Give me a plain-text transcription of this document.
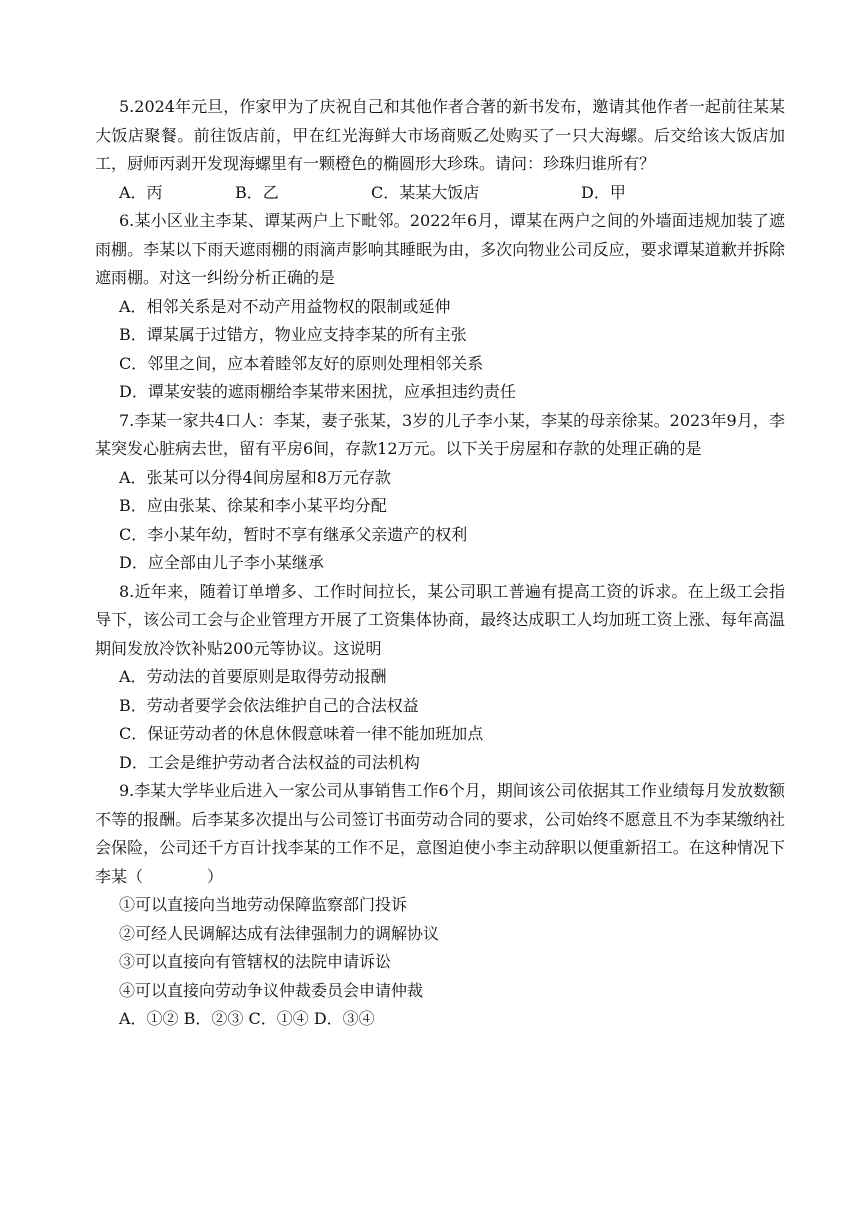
5.2024年元旦，作家甲为了庆祝自己和其他作者合著的新书发布，邀请其他作者一起前往某某大饭店聚餐。前往饭店前，甲在红光海鲜大市场商贩乙处购买了一只大海螺。后交给该大饭店加工，厨师丙剥开发现海螺里有一颗橙色的椭圆形大珍珠。请问：珍珠归谁所有？

A．丙	B．乙	C．某某大饭店	D．甲

6.某小区业主李某、谭某两户上下毗邻。2022年6月，谭某在两户之间的外墙面违规加装了遮雨棚。李某以下雨天遮雨棚的雨滴声影响其睡眠为由，多次向物业公司反应，要求谭某道歉并拆除遮雨棚。对这一纠纷分析正确的是

A．相邻关系是对不动产用益物权的限制或延伸

B．谭某属于过错方，物业应支持李某的所有主张

C．邻里之间，应本着睦邻友好的原则处理相邻关系

D．谭某安装的遮雨棚给李某带来困扰，应承担违约责任

7.李某一家共4口人：李某，妻子张某，3岁的儿子李小某，李某的母亲徐某。2023年9月，李某突发心脏病去世，留有平房6间，存款12万元。以下关于房屋和存款的处理正确的是

A．张某可以分得4间房屋和8万元存款

B．应由张某、徐某和李小某平均分配

C．李小某年幼，暂时不享有继承父亲遗产的权利

D．应全部由儿子李小某继承

8.近年来，随着订单增多、工作时间拉长，某公司职工普遍有提高工资的诉求。在上级工会指导下，该公司工会与企业管理方开展了工资集体协商，最终达成职工人均加班工资上涨、每年高温期间发放冷饮补贴200元等协议。这说明

A．劳动法的首要原则是取得劳动报酬

B．劳动者要学会依法维护自己的合法权益

C．保证劳动者的休息休假意味着一律不能加班加点

D．工会是维护劳动者合法权益的司法机构

9.李某大学毕业后进入一家公司从事销售工作6个月，期间该公司依据其工作业绩每月发放数额不等的报酬。后李某多次提出与公司签订书面劳动合同的要求，公司始终不愿意且不为李某缴纳社会保险，公司还千方百计找李某的工作不足，意图迫使小李主动辞职以便重新招工。在这种情况下李某（	）

①可以直接向当地劳动保障监察部门投诉

②可经人民调解达成有法律强制力的调解协议

③可以直接向有管辖权的法院申请诉讼

④可以直接向劳动争议仲裁委员会申请仲裁

A．①② B．②③ C．①④ D．③④
